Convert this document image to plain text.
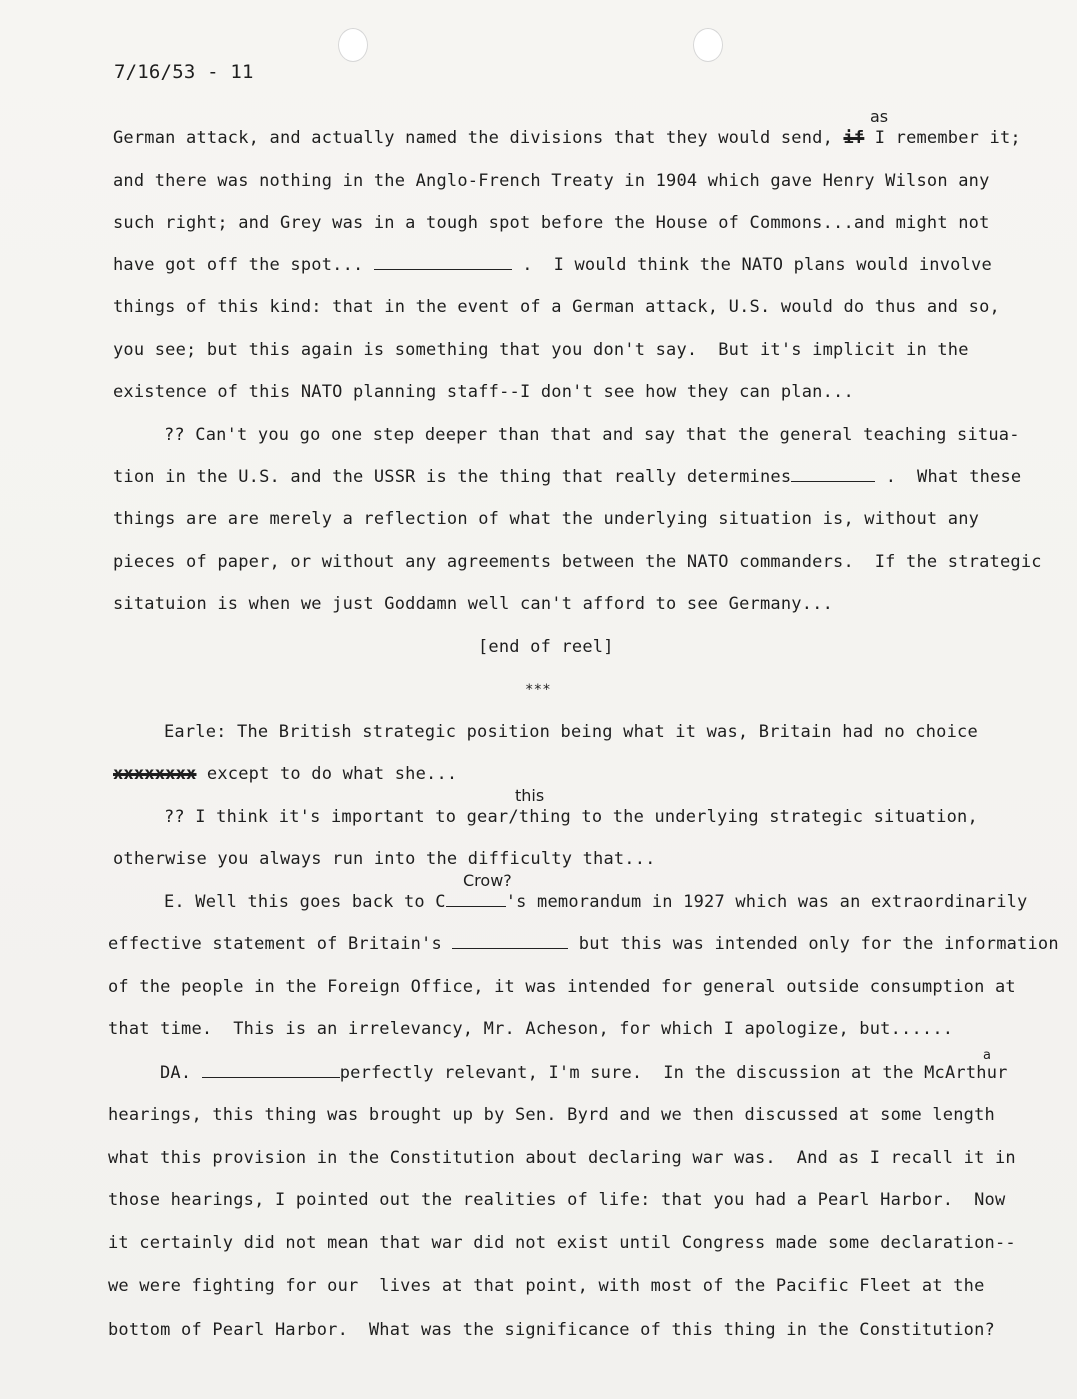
7/16/53 - 11
as
German attack, and actually named the divisions that they would send, if I remember it;
and there was nothing in the Anglo-French Treaty in 1904 which gave Henry Wilson any
such right; and Grey was in a tough spot before the House of Commons...and might not
have got off the spot...	.  I would think the NATO plans would involve
things of this kind: that in the event of a German attack, U.S. would do thus and so,
you see; but this again is something that you don't say.  But it's implicit in the
existence of this NATO planning staff--I don't see how they can plan...
?? Can't you go one step deeper than that and say that the general teaching situa-
tion in the U.S. and the USSR is the thing that really determines	.  What these
things are are merely a reflection of what the underlying situation is, without any
pieces of paper, or without any agreements between the NATO commanders.  If the strategic
sitatuion is when we just Goddamn well can't afford to see Germany...
[end of reel]
***
Earle: The British strategic position being what it was, Britain had no choice
xxxxxxxx except to do what she...
this
?? I think it's important to gear/thing to the underlying strategic situation,
otherwise you always run into the difficulty that...
Crow?
E. Well this goes back to C	's memorandum in 1927 which was an extraordinarily
effective statement of Britain's	but this was intended only for the information
of the people in the Foreign Office, it was intended for general outside consumption at
that time.  This is an irrelevancy, Mr. Acheson, for which I apologize, but......
a
DA.	perfectly relevant, I'm sure.  In the discussion at the McArthur
hearings, this thing was brought up by Sen. Byrd and we then discussed at some length
what this provision in the Constitution about declaring war was.  And as I recall it in
those hearings, I pointed out the realities of life: that you had a Pearl Harbor.  Now
it certainly did not mean that war did not exist until Congress made some declaration--
we were fighting for our  lives at that point, with most of the Pacific Fleet at the
bottom of Pearl Harbor.  What was the significance of this thing in the Constitution?
